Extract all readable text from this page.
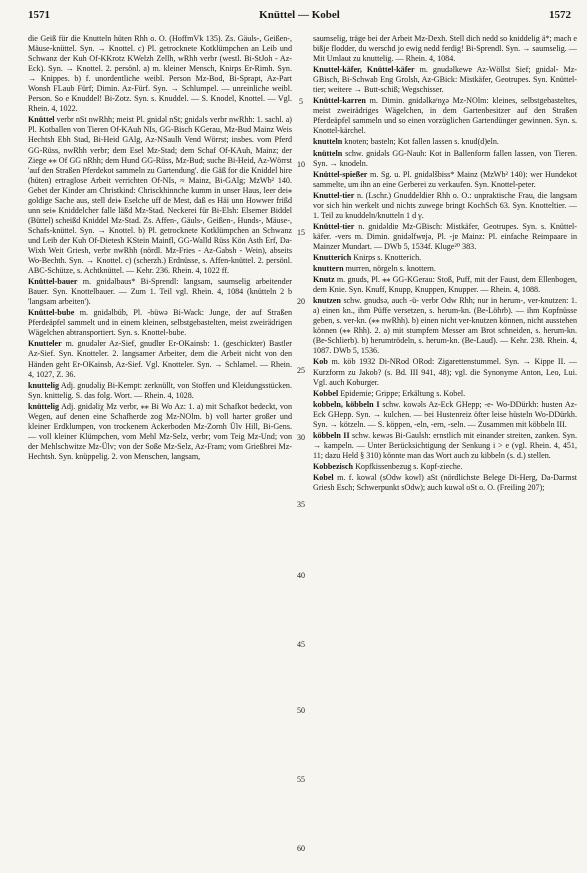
1571	Knüttel — Kobel	1572

die Geiß für die Knutteln hüten Rhh o. O. (HoffmVk 135). Zs. Gäuls-, Geißen-, Mäuse-knüttel. Syn. → Knottel. c) Pl. getrocknete Kotklümpchen an Leib und Schwanz der Kuh Of-KKrotz KWelzh Zellh, wRhh verbr (westl. Bi-StJoh - Az-Eck). Syn. → Knottel. 2. persönl. a) m. kleiner Mensch, Knirps Er-Rimh. Syn. → Knippes. b) f. unordentliche weibl. Person Mz-Bod, Bi-Sprapt, Az-Part Wonsh FLaub Fürf; Dimin. Az-Fürf. Syn. → Schlumpel. — unreinliche weibl. Person. So e Knuddel! Bi-Zotz. Syn. s. Knuddel. — S. Knodel, Knottel. — Vgl. Rhein. 4, 1022.

Knüttel verbr nSt nwRhh; meist Pl. gnidəl nSt; gnidəls verbr nwRhh: 1. sachl. a) Pl. Kotballen von Tieren Of-KAuh NIs, GG-Bisch KGerau, Mz-Bud Mainz Weis Hechtsh Ebh Stad, Bi-Heid GAlg, Az-NSaulh Vend Wörrst; insbes. vom Pferd GG-Rüss, nwRhh verbr; dem Esel Mz-Stad; dem Schaf Of-KAuh, Mainz; der Ziege ⁎⁎ Of GG nRhh; dem Hund GG-Rüss, Mz-Bud; suche Bi-Heid, Az-Wörrst 'auf den Straßen Pferdekot sammeln zu Gartendung'. die Gäß for die Kniddel hire (hüten) ertraglose Arbeit verrichten Of-NIs, ≈ Mainz, Bi-GAlg; MzWb² 140. Gebet der Kinder am Christkind: Chrisckhinnche kumm in unser Haus, leer dei⁎ goldige Sache aus, stell dei⁎ Eselche uff de Mest, daß es Häi unn Howwer frißd unn sei⁎ Kniddelcher falle läßd Mz-Stad. Neckerei für Bi-Elsh: Elsemer Biddel (Büttel) scheißd Kniddel Mz-Stad. Zs. Affen-, Gäuls-, Geißen-, Hunds-, Mäuse-, Schafs-knüttel. Syn. → Knottel. b) Pl. getrocknete Kotklümpchen an Schwanz und Leib der Kuh Of-Dietesh KStein Mainfl, GG-Walld Rüss Kön Asth Erf, Da-Wixh Weit Griesh, verbr nwRhh (nördl. Mz-Fries - Az-Gabsh - Wein), abseits Wo-Bechth. Syn. → Knottel. c) (scherzh.) Erdnüsse, s. Affen-knüttel. 2. persönl. ABC-Schütze, s. Achtknüttel. — Kehr. 236. Rhein. 4, 1022 ff.

Knüttel-bauer m. gnidəlbaus* Bi-Sprendl: langsam, saumselig arbeitender Bauer. Syn. Knottelbauer. — Zum 1. Teil vgl. Rhein. 4, 1084 (knütteln 2 b 'langsam arbeiten').

Knüttel-bube m. gnidəlbüb, Pl. -büwə Bi-Wack: Junge, der auf Straßen Pferdeäpfel sammelt und in einem kleinen, selbstgebastelten, meist zweirädrigen Wägelchen abtransportiert. Syn. s. Knottel-bube.

Knutteler m. gnudəlɐr Az-Sief, gnudlɐr Er-OKainsb: 1. (geschickter) Bastler Az-Sief. Syn. Knotteler. 2. langsamer Arbeiter, dem die Arbeit nicht von den Händen geht Er-OKainsb, Az-Sief. Vgl. Knotteler. Syn. → Schlamel. — Rhein. 4, 1027, Z. 36.

knuttelig Adj. gnudəliχ Bi-Kempt: zerknüllt, von Stoffen und Kleidungsstücken. Syn. knittelig. S. das folg. Wort. — Rhein. 4, 1028.

knüttelig Adj. gnidəliχ Mz verbr, ⁎⁎ Bi Wo Az: 1. a) mit Schafkot bedeckt, von Wegen, auf denen eine Schafherde zog Mz-NOlm. b) voll harter großer und kleiner Erdklumpen, von trockenem Ackerboden Mz-Zornh Ülv Hill, Bi-Gens. — voll kleiner Klümpchen, vom Mehl Mz-Selz, verbr; vom Teig Mz-Und; von der Mehlschwitze Mz-Ülv; von der Soße Mz-Selz, Az-Fram; vom Grießbrei Mz-Hechtsh. Syn. knüppelig. 2. von Menschen, langsam,

5
10
15
20
25
30
35
40
45
50
55
60

saumselig, träge bei der Arbeit Mz-Dexh. Stell dich nedd so kniddelig ä*; mach e bißje flodder, du werschd jo ewig nedd ferdig! Bi-Sprendl. Syn. → saumselig. — Mit Umlaut zu knuttelig. — Rhein. 4, 1084.

Knuttel-käfer, Knüttel-käfer m. gnudəlkewɐ Az-Wöllst Sief; gnidəl- Mz-GBisch, Bi-Schwab Eng Grolsh, Az-GBick: Mistkäfer, Geotrupes. Syn. Knüttel-tier; weitere → Butt-schiß; Wegschisser.

Knüttel-karren m. Dimin. gnidəlkaʳnχə Mz-NOlm: kleines, selbstgebasteltes, meist zweirädriges Wägelchen, in dem Gartenbesitzer auf den Straßen Pferdeäpfel sammeln und so einen vorzüglichen Gartendünger gewinnen. Syn. s. Knottel-kärchel.

knutteln knoten; basteln; Kot fallen lassen s. knud(d)eln.

knütteln schw. gnidəls GG-Nauh: Kot in Ballenform fallen lassen, von Tieren. Syn. → knodeln.

Knüttel-spießer m. Sg. u. Pl. gnidəlšbiss* Mainz (MzWb² 140): wer Hundekot sammelte, um ihn an eine Gerberei zu verkaufen. Syn. Knottel-peter.

Knuttel-tier n. (Lschr.) Gnuddeldier Rhh o. O.: unpraktische Frau, die langsam vor sich hin werkelt und nichts zuwege bringt KochSch 63. Syn. Knotteltier. — 1. Teil zu knuddeln/knutteln 1 d γ.

Knüttel-tier n. gnidəldiɐ Mz-GBisch: Mistkäfer, Geotrupes. Syn. s. Knüttel-käfer. -vers m. Dimin. gnidəlfwɐjə, Pl. -jɐ Mainz: Pl. einfache Reimpaare in Mainzer Mundart. — DWb 5, 1534f. Kluge²⁰ 383.

Knutterich Knirps s. Knotterich.

knuttern murren, nörgeln s. knottern.

Knutz m. gnuds, Pl. ⁎⁎ GG-KGerau: Stoß, Puff, mit der Faust, dem Ellenbogen, dem Knie. Syn. Knuff, Knupp, Knuppen, Knupper. — Rhein. 4, 1088.

knutzen schw. gnudsə, auch -ü- verbr Odw Rhh; nur in herum-, ver-knutzen: 1. a) einen kn., ihm Püffe versetzen, s. herum-kn. (Be-Löhrb). — ihm Kopfnüsse geben, s. ver-kn. (⁎⁎ nwRhh). b) einen nicht ver-knutzen können, nicht ausstehen können (⁎⁎ Rhh). 2. a) mit stumpfem Messer am Brot schneiden, s. herum-kn. (Be-Schlierb). b) herumtrödeln, s. herum-kn. (Be-Laud). — Kehr. 238. Rhein. 4, 1087. DWb 5, 1536.

Kob m. köb 1932 Di-NRod ORod: Zigarettenstummel. Syn. → Kippe II. — Kurzform zu Jakob? (s. Bd. III 941, 48); vgl. die Synonyme Anton, Leo, Lui. Vgl. auch Koburger.

Kobbel Epidemie; Grippe; Erkältung s. Kobel.

kobbeln, köbbeln I schw. kowəls Az-Eck GHepp; -e- Wo-DDürkh: husten Az-Eck GHepp. Syn. → kulchen. — bei Hustenreiz öfter leise hüsteln Wo-DDürkh. Syn. → kötzeln. — S. köppen, -eln, -ern, -seln. — Zusammen mit köbbeln III.

köbbeln II schw. kewəs Bi-Gaulsh: ernstlich mit einander streiten, zanken. Syn. → kampeln. — Unter Berücksichtigung der Senkung i > e (vgl. Rhein. 4, 451, 11; dazu Held § 310) könnte man das Wort auch zu kibbeln (s. d.) stellen.

Kobbezisch Kopfkissenbezug s. Kopf-zieche.

Kobel m. f. kowəl (sOdw kowl) aSt (nördlichste Belege Di-Herg, Da-Darmst Griesh Esch; Schwerpunkt sOdw); auch kuwəl oSt o. O. (Freiling 207);
